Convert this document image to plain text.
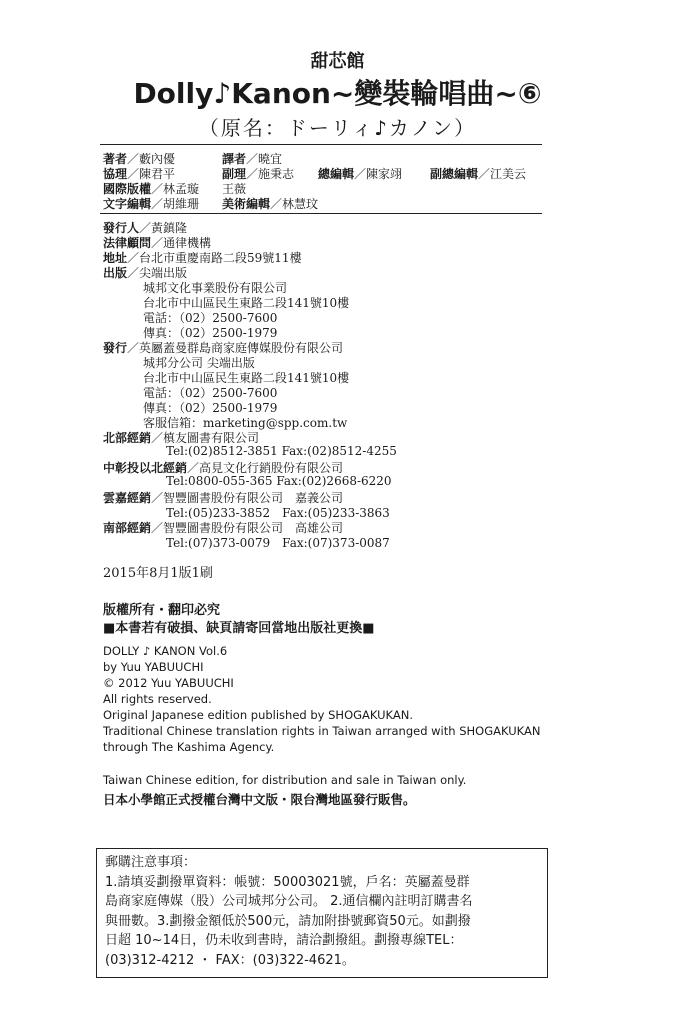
甜芯館
Dolly♪Kanon~變裝輪唱曲~⑥
（原名：ドーリィ♪カノン）
著者／藪內優	譯者／曉宜
協理／陳君平	副理／施秉志 總編輯／陳家翊 副總編輯／江美云
國際版權／林孟璇 王薇
文字編輯／胡維珊 美術編輯／林慧玟
發行人／黃鎮隆
法律顧問／通律機構
地址／台北市重慶南路二段59號11樓
出版／尖端出版
城邦文化事業股份有限公司
台北市中山區民生東路二段141號10樓
電話：（02）2500-7600
傳真：（02）2500-1979
發行／英屬蓋曼群島商家庭傳媒股份有限公司
城邦分公司 尖端出版
台北市中山區民生東路二段141號10樓
電話：（02）2500-7600
傳真：（02）2500-1979
客服信箱：marketing@spp.com.tw
北部經銷／槙友圖書有限公司
Tel:(02)8512-3851 Fax:(02)8512-4255
中彰投以北經銷／高見文化行銷股份有限公司
Tel:0800-055-365 Fax:(02)2668-6220
雲嘉經銷／智豐圖書股份有限公司　嘉義公司
Tel:(05)233-3852　Fax:(05)233-3863
南部經銷／智豐圖書股份有限公司　高雄公司
Tel:(07)373-0079　Fax:(07)373-0087
2015年8月1版1刷
版權所有・翻印必究
■本書若有破損、缺頁請寄回當地出版社更換■
DOLLY ♪ KANON Vol.6
by Yuu YABUUCHI
© 2012 Yuu YABUUCHI
All rights reserved.
Original Japanese edition published by SHOGAKUKAN.
Traditional Chinese translation rights in Taiwan arranged with SHOGAKUKAN
through The Kashima Agency.
Taiwan Chinese edition, for distribution and sale in Taiwan only.
日本小學館正式授權台灣中文版・限台灣地區發行販售。
郵購注意事項：
1.請填妥劃撥單資料：帳號：50003021號，戶名：英屬蓋曼群
島商家庭傳媒（股）公司城邦分公司。 2.通信欄內註明訂購書名
與冊數。3.劃撥金額低於500元，請加附掛號郵資50元。如劃撥
日超 10~14日，仍未收到書時，請洽劃撥組。劃撥專線TEL：
(03)312-4212 ・ FAX：(03)322-4621。
